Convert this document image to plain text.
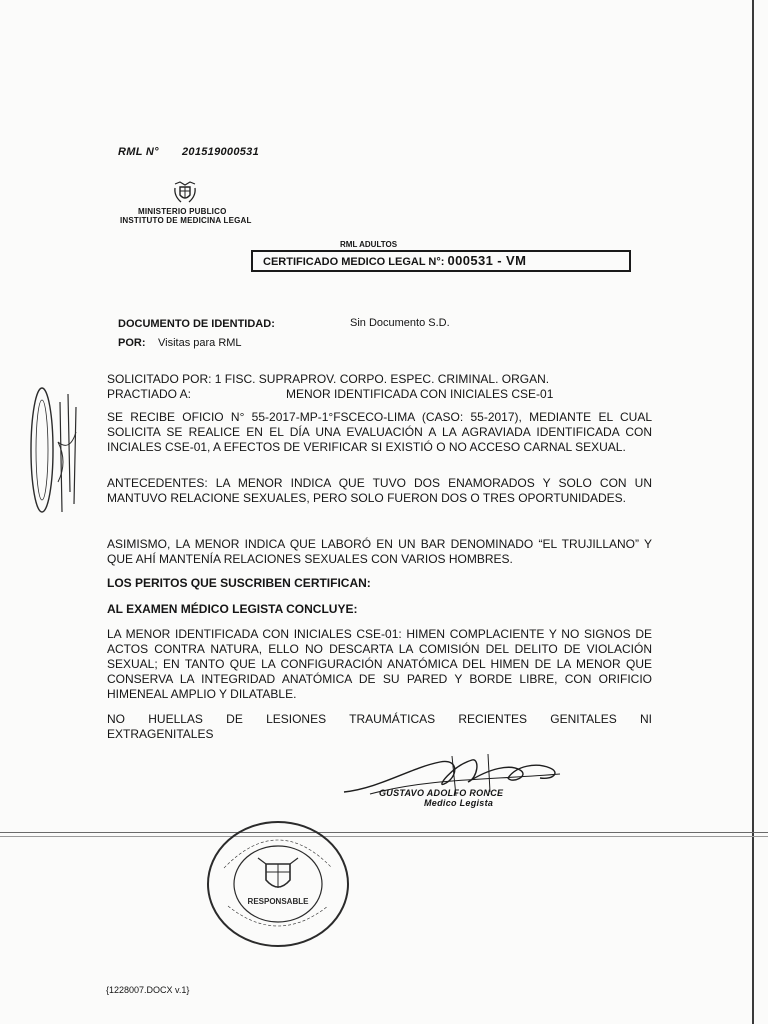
RML N° 201519000531
MINISTERIO PUBLICO
INSTITUTO DE MEDICINA LEGAL
RML ADULTOS
CERTIFICADO MEDICO LEGAL N°: 000531 - VM
DOCUMENTO DE IDENTIDAD:	Sin Documento S.D.
POR: Visitas para RML
SOLICITADO POR: 1 FISC. SUPRAPROV. CORPO. ESPEC. CRIMINAL. ORGAN.
PRACTIADO A:	MENOR IDENTIFICADA CON INICIALES CSE-01
SE RECIBE OFICIO N° 55-2017-MP-1°FSCECO-LIMA (CASO: 55-2017), MEDIANTE EL CUAL SOLICITA SE REALICE EN EL DÍA UNA EVALUACIÓN A LA AGRAVIADA IDENTIFICADA CON INCIALES CSE-01, A EFECTOS DE VERIFICAR SI EXISTIÓ O NO ACCESO CARNAL SEXUAL.
ANTECEDENTES: LA MENOR INDICA QUE TUVO DOS ENAMORADOS Y SOLO CON UN MANTUVO RELACIONE SEXUALES, PERO SOLO FUERON DOS O TRES OPORTUNIDADES.
ASIMISMO, LA MENOR INDICA QUE LABORÓ EN UN BAR DENOMINADO “EL TRUJILLANO” Y QUE AHÍ MANTENÍA RELACIONES SEXUALES CON VARIOS HOMBRES.
LOS PERITOS QUE SUSCRIBEN CERTIFICAN:
AL EXAMEN MÉDICO LEGISTA CONCLUYE:
LA MENOR IDENTIFICADA CON INICIALES CSE-01: HIMEN COMPLACIENTE Y NO SIGNOS DE ACTOS CONTRA NATURA, ELLO NO DESCARTA LA COMISIÓN DEL DELITO DE VIOLACIÓN SEXUAL; EN TANTO QUE LA CONFIGURACIÓN ANATÓMICA DEL HIMEN DE LA MENOR QUE CONSERVA LA INTEGRIDAD ANATÓMICA DE SU PARED Y BORDE LIBRE, CON ORIFICIO HIMENEAL AMPLIO Y DILATABLE.
NO HUELLAS DE LESIONES TRAUMÁTICAS RECIENTES GENITALES NI
EXTRAGENITALES
GUSTAVO ADOLFO RONCE
Medico Legista
RESPONSABLE
{1228007.DOCX v.1}
